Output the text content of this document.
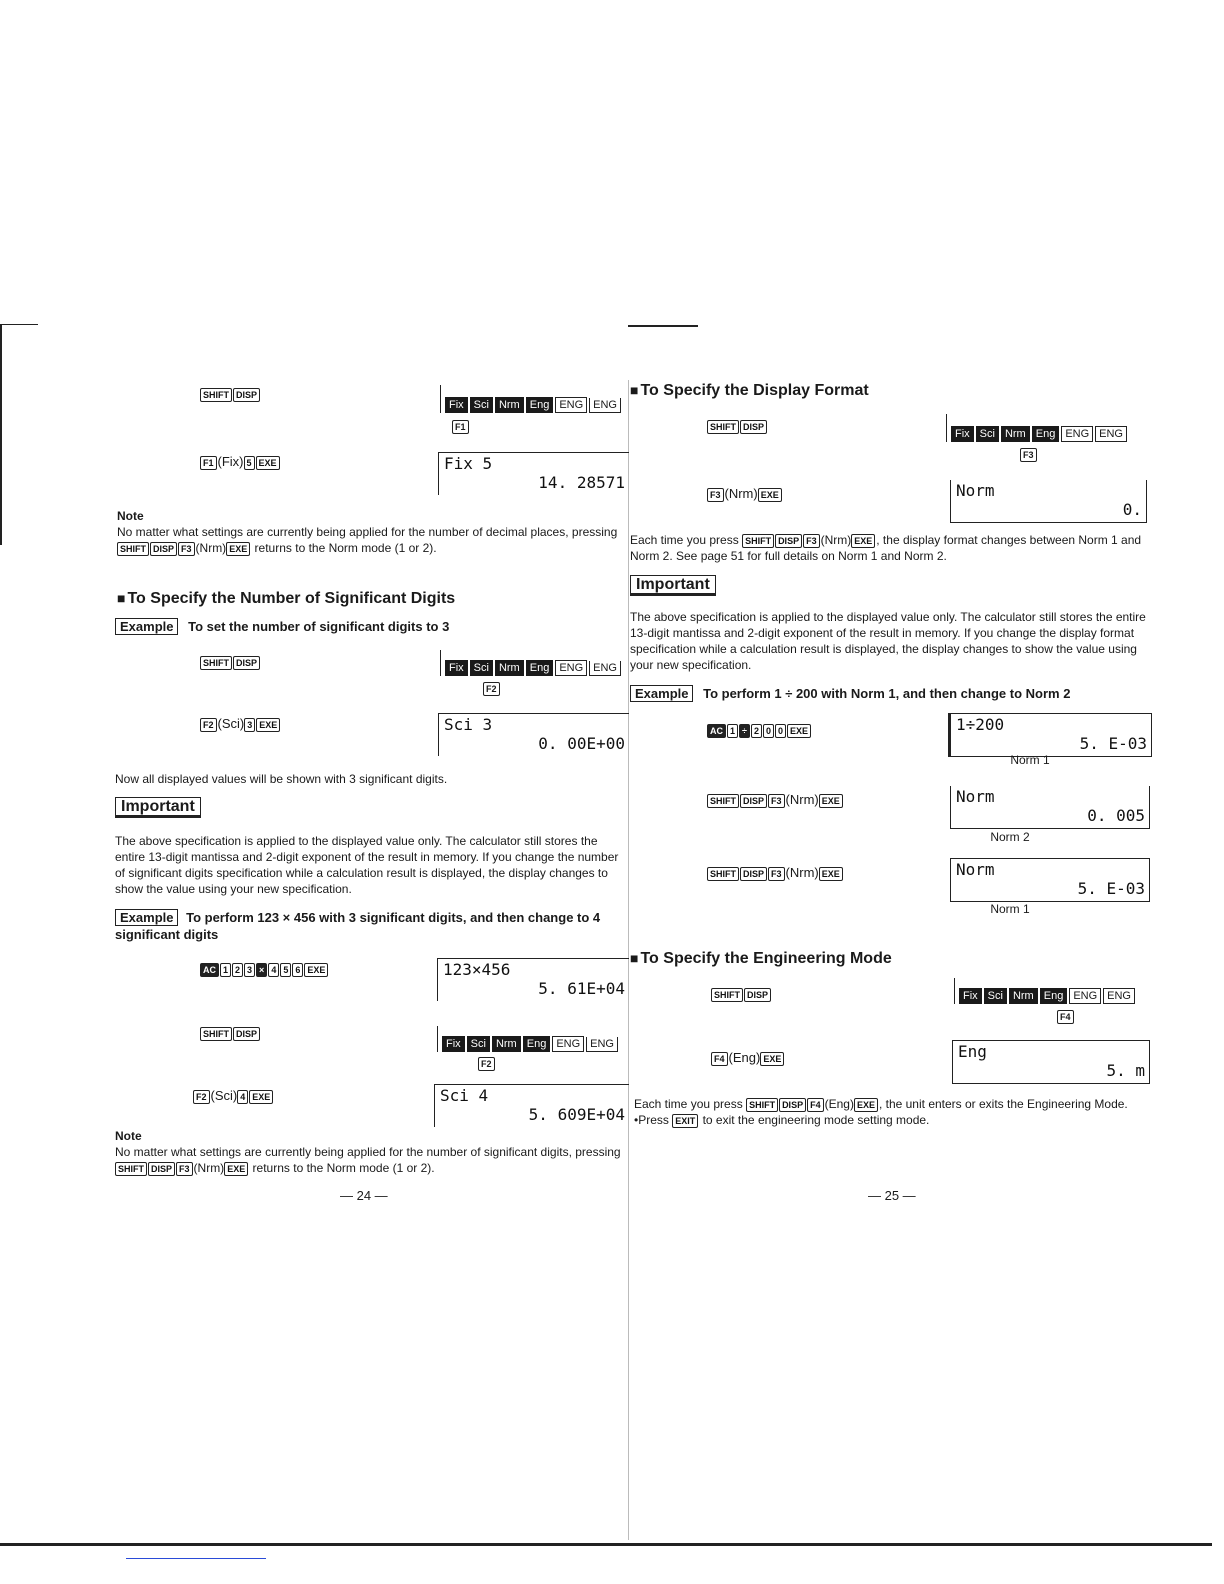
SHIFT DISP
Fix Sci Nrm Eng ENG ENG
F1
F1 (Fix) 5 EXE	Fix 5
14. 28571
Note
No matter what settings are currently being applied for the number of decimal places, pressing SHIFT DISP F3 (Nrm) EXE returns to the Norm mode (1 or 2).
■ To Specify the Number of Significant Digits
Example To set the number of significant digits to 3
SHIFT DISP	Fix Sci Nrm Eng ENG ENG
F2
F2 (Sci) 3 EXE	Sci 3
0. 00E+00
Now all displayed values will be shown with 3 significant digits.
Important
The above specification is applied to the displayed value only. The calculator still stores the entire 13-digit mantissa and 2-digit exponent of the result in memory. If you change the number of significant digits specification while a calculation result is displayed, the display changes to show the value using your new specification.
Example To perform 123 × 456 with 3 significant digits, and then change to 4 significant digits
AC 1 2 3 × 4 5 6 EXE	123×456
5. 61E+04
SHIFT DISP
Fix Sci Nrm Eng ENG ENG
F2
F2 (Sci) 4 EXE	Sci 4
5. 609E+04
Note
No matter what settings are currently being applied for the number of significant digits, pressing SHIFT DISP F3 (Nrm) EXE returns to the Norm mode (1 or 2).
— 24 —
■ To Specify the Display Format
SHIFT DISP
Fix Sci Nrm Eng ENG ENG
F3
F3 (Nrm) EXE	Norm
0.
Each time you press SHIFT DISP F3 (Nrm) EXE , the display format changes between Norm 1 and Norm 2. See page 51 for full details on Norm 1 and Norm 2.
Important
The above specification is applied to the displayed value only. The calculator still stores the entire 13-digit mantissa and 2-digit exponent of the result in memory. If you change the display format specification while a calculation result is displayed, the display changes to show the value using your new specification.
Example To perform 1 ÷ 200 with Norm 1, and then change to Norm 2
AC 1 ÷ 2 0 0 EXE	1÷200
5. E-03
Norm 1
SHIFT DISP F3 (Nrm) EXE	Norm
0. 005
Norm 2
SHIFT DISP F3 (Nrm) EXE	Norm
5. E-03
Norm 1
■ To Specify the Engineering Mode
SHIFT DISP	Fix Sci Nrm Eng ENG ENG
F4
F4 (Eng) EXE	Eng
5. m
Each time you press SHIFT DISP F4 (Eng) EXE , the unit enters or exits the Engineering Mode.
•Press EXIT to exit the engineering mode setting mode.
— 25 —
